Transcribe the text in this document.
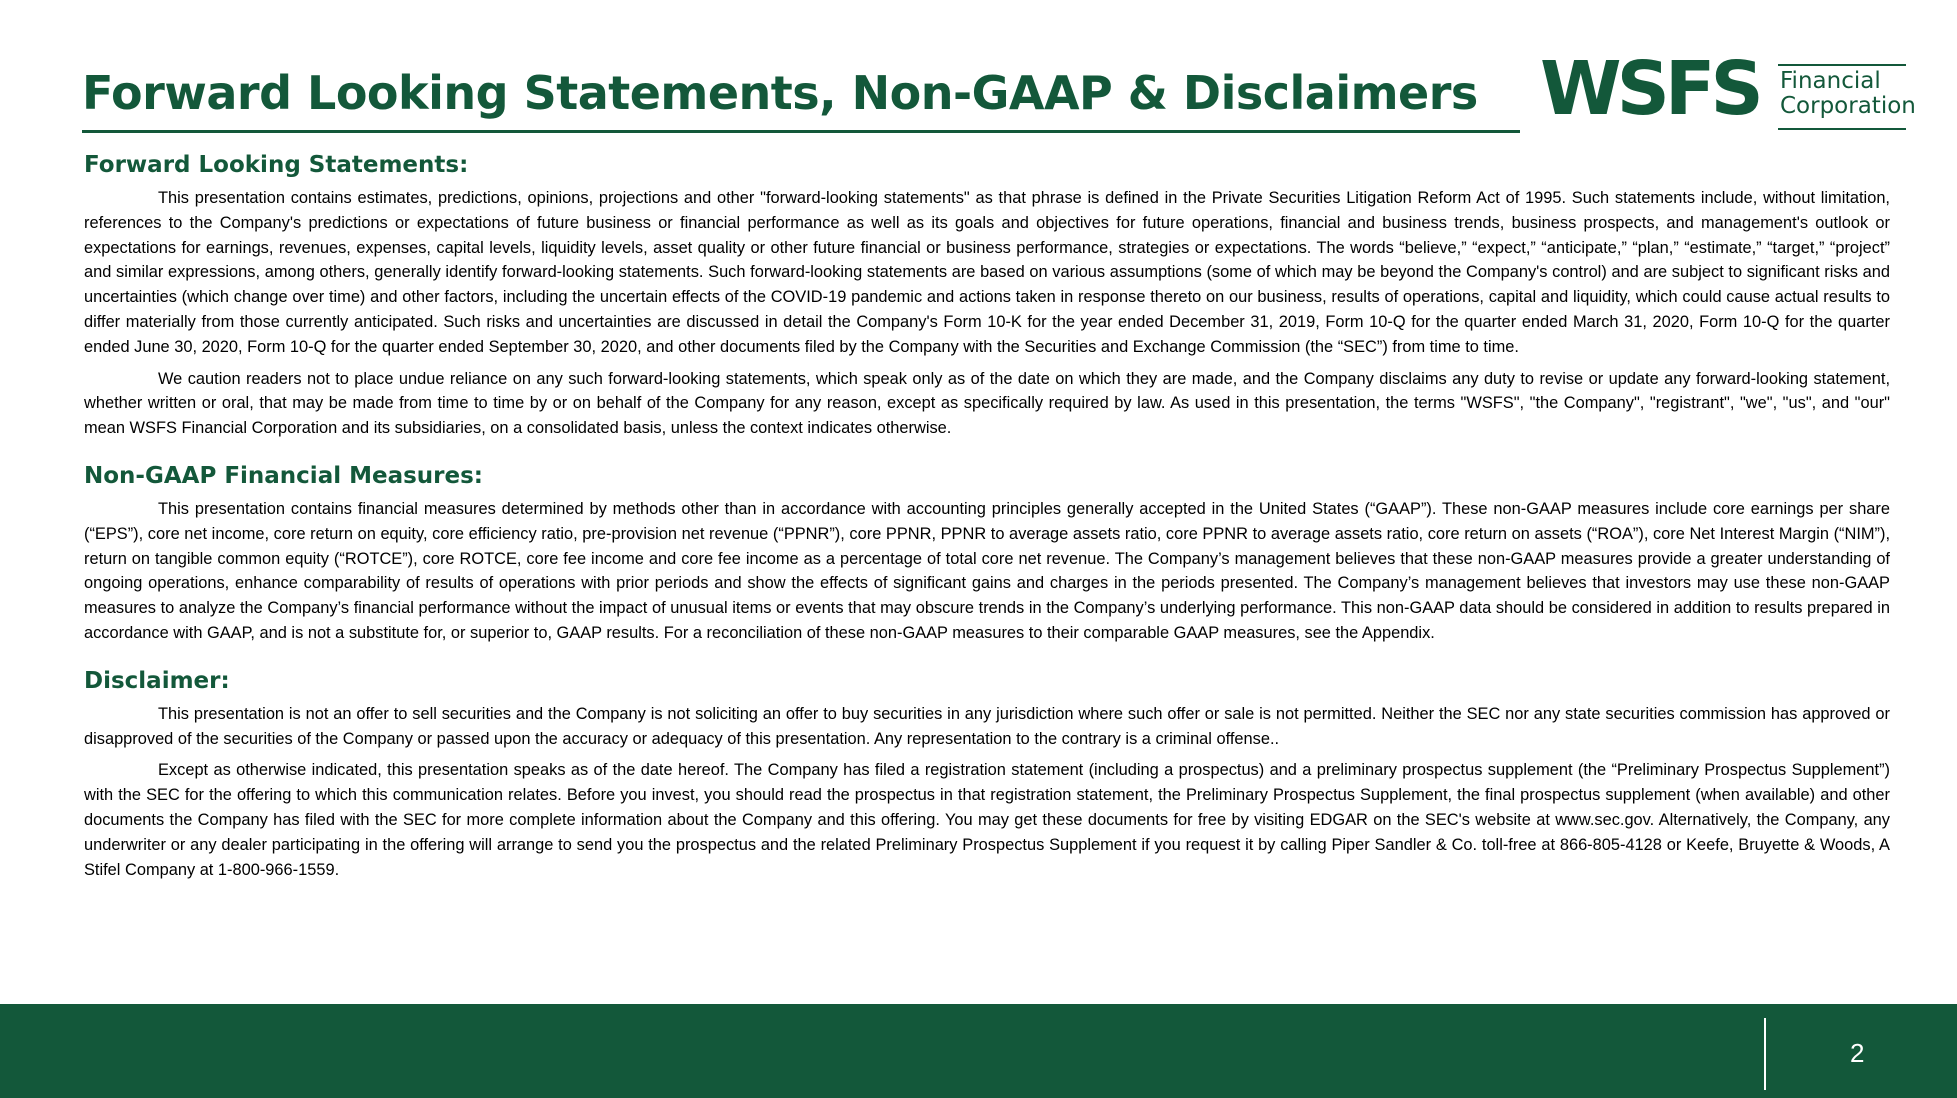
Forward Looking Statements, Non-GAAP & Disclaimers WSFS Financial
Corporation
Forward Looking Statements:

This presentation contains estimates, predictions, opinions, projections and other "forward-looking statements" as that phrase is defined in the Private Securities Litigation Reform Act of 1995. Such statements include, without limitation, references to the Company's predictions or expectations of future business or financial performance as well as its goals and objectives for future operations, financial and business trends, business prospects, and management's outlook or expectations for earnings, revenues, expenses, capital levels, liquidity levels, asset quality or other future financial or business performance, strategies or expectations. The words “believe,” “expect,” “anticipate,” “plan,” “estimate,” “target,” “project” and similar expressions, among others, generally identify forward-looking statements. Such forward-looking statements are based on various assumptions (some of which may be beyond the Company's control) and are subject to significant risks and uncertainties (which change over time) and other factors, including the uncertain effects of the COVID-19 pandemic and actions taken in response thereto on our business, results of operations, capital and liquidity, which could cause actual results to differ materially from those currently anticipated. Such risks and uncertainties are discussed in detail the Company's Form 10-K for the year ended December 31, 2019, Form 10-Q for the quarter ended March 31, 2020, Form 10-Q for the quarter ended June 30, 2020, Form 10-Q for the quarter ended September 30, 2020, and other documents filed by the Company with the Securities and Exchange Commission (the “SEC”) from time to time.

We caution readers not to place undue reliance on any such forward-looking statements, which speak only as of the date on which they are made, and the Company disclaims any duty to revise or update any forward-looking statement, whether written or oral, that may be made from time to time by or on behalf of the Company for any reason, except as specifically required by law. As used in this presentation, the terms "WSFS", "the Company", "registrant", "we", "us", and "our" mean WSFS Financial Corporation and its subsidiaries, on a consolidated basis, unless the context indicates otherwise.

Non-GAAP Financial Measures:

This presentation contains financial measures determined by methods other than in accordance with accounting principles generally accepted in the United States (“GAAP”). These non-GAAP measures include core earnings per share (“EPS”), core net income, core return on equity, core efficiency ratio, pre-provision net revenue (“PPNR”), core PPNR, PPNR to average assets ratio, core PPNR to average assets ratio, core return on assets (“ROA”), core Net Interest Margin (“NIM”), return on tangible common equity (“ROTCE”), core ROTCE, core fee income and core fee income as a percentage of total core net revenue. The Company’s management believes that these non-GAAP measures provide a greater understanding of ongoing operations, enhance comparability of results of operations with prior periods and show the effects of significant gains and charges in the periods presented. The Company’s management believes that investors may use these non-GAAP measures to analyze the Company’s financial performance without the impact of unusual items or events that may obscure trends in the Company’s underlying performance. This non-GAAP data should be considered in addition to results prepared in accordance with GAAP, and is not a substitute for, or superior to, GAAP results. For a reconciliation of these non-GAAP measures to their comparable GAAP measures, see the Appendix.

Disclaimer:

This presentation is not an offer to sell securities and the Company is not soliciting an offer to buy securities in any jurisdiction where such offer or sale is not permitted. Neither the SEC nor any state securities commission has approved or disapproved of the securities of the Company or passed upon the accuracy or adequacy of this presentation. Any representation to the contrary is a criminal offense..

Except as otherwise indicated, this presentation speaks as of the date hereof. The Company has filed a registration statement (including a prospectus) and a preliminary prospectus supplement (the “Preliminary Prospectus Supplement”) with the SEC for the offering to which this communication relates. Before you invest, you should read the prospectus in that registration statement, the Preliminary Prospectus Supplement, the final prospectus supplement (when available) and other documents the Company has filed with the SEC for more complete information about the Company and this offering. You may get these documents for free by visiting EDGAR on the SEC's website at www.sec.gov. Alternatively, the Company, any underwriter or any dealer participating in the offering will arrange to send you the prospectus and the related Preliminary Prospectus Supplement if you request it by calling Piper Sandler & Co. toll-free at 866-805-4128 or Keefe, Bruyette & Woods, A Stifel Company at 1-800-966-1559.

2
